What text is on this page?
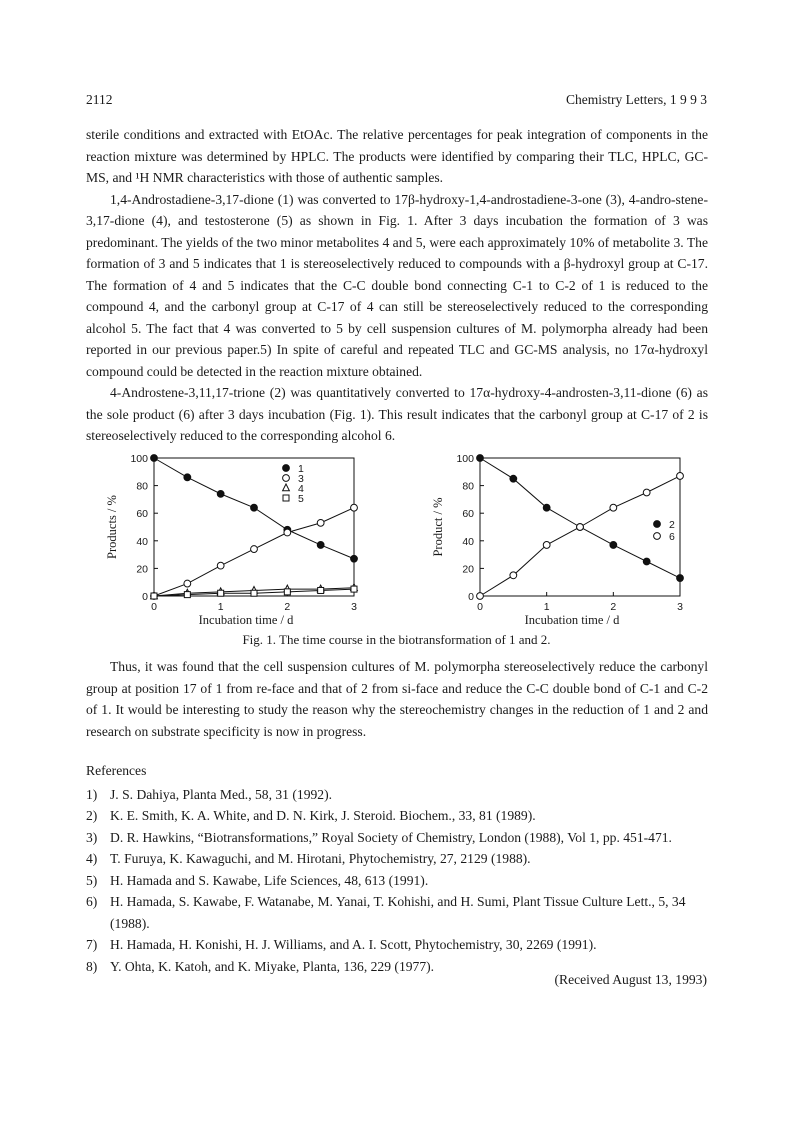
2112	Chemistry Letters, 1 9 9 3

sterile conditions and extracted with EtOAc. The relative percentages for peak integration of components in the reaction mixture was determined by HPLC. The products were identified by comparing their TLC, HPLC, GC-MS, and ¹H NMR characteristics with those of authentic samples.

1,4-Androstadiene-3,17-dione (1) was converted to 17β-hydroxy-1,4-androstadiene-3-one (3), 4-andro-stene-3,17-dione (4), and testosterone (5) as shown in Fig. 1. After 3 days incubation the formation of 3 was predominant. The yields of the two minor metabolites 4 and 5, were each approximately 10% of metabolite 3. The formation of 3 and 5 indicates that 1 is stereoselectively reduced to compounds with a β-hydroxyl group at C-17. The formation of 4 and 5 indicates that the C-C double bond connecting C-1 to C-2 of 1 is reduced to the compound 4, and the carbonyl group at C-17 of 4 can still be stereoselectively reduced to the corresponding alcohol 5. The fact that 4 was converted to 5 by cell suspension cultures of M. polymorpha already had been reported in our previous paper.5) In spite of careful and repeated TLC and GC-MS analysis, no 17α-hydroxyl compound could be detected in the reaction mixture obtained.

4-Androstene-3,11,17-trione (2) was quantitatively converted to 17α-hydroxy-4-androsten-3,11-dione (6) as the sole product (6) after 3 days incubation (Fig. 1). This result indicates that the carbonyl group at C-17 of 2 is stereoselectively reduced to the corresponding alcohol 6.

0
20
40
60
80
100
0	1	2	3
Incubation time / d
Products / %
1
3
4
5
0
20
40
60
80
100
0	1	2	3
Incubation time / d
Product / %	2
6
Fig. 1. The time course in the biotransformation of 1 and 2.

Thus, it was found that the cell suspension cultures of M. polymorpha stereoselectively reduce the carbonyl group at position 17 of 1 from re-face and that of 2 from si-face and reduce the C-C double bond of C-1 and C-2 of 1. It would be interesting to study the reason why the stereochemistry changes in the reduction of 1 and 2 and research on substrate specificity is now in progress.

References

1) J. S. Dahiya, Planta Med., 58, 31 (1992).
2) K. E. Smith, K. A. White, and D. N. Kirk, J. Steroid. Biochem., 33, 81 (1989).
3) D. R. Hawkins, “Biotransformations,” Royal Society of Chemistry, London (1988), Vol 1, pp. 451-471.
4) T. Furuya, K. Kawaguchi, and M. Hirotani, Phytochemistry, 27, 2129 (1988).
5) H. Hamada and S. Kawabe, Life Sciences, 48, 613 (1991).
6) H. Hamada, S. Kawabe, F. Watanabe, M. Yanai, T. Kohishi, and H. Sumi, Plant Tissue Culture Lett., 5, 34 (1988).
7) H. Hamada, H. Konishi, H. J. Williams, and A. I. Scott, Phytochemistry, 30, 2269 (1991).
8) Y. Ohta, K. Katoh, and K. Miyake, Planta, 136, 229 (1977).
(Received August 13, 1993)
